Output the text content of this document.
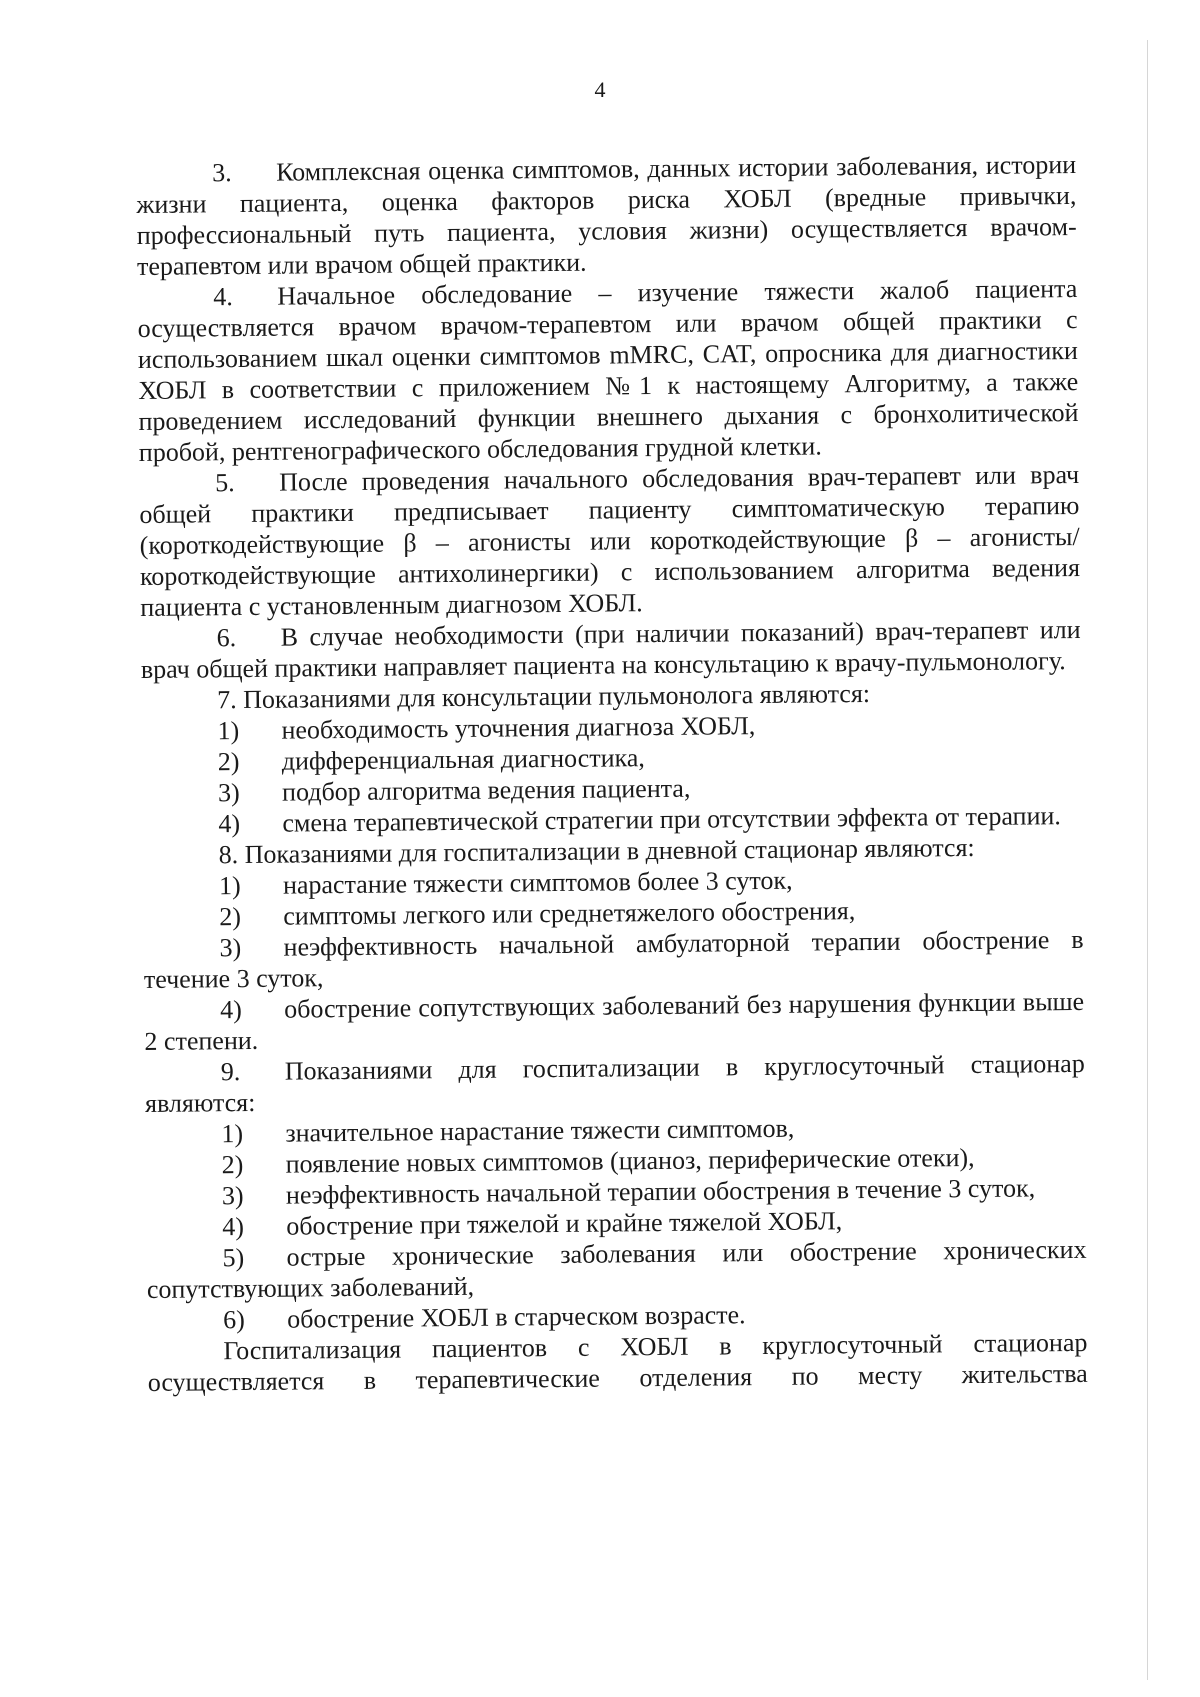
4

3. Комплексная оценка симптомов, данных истории заболевания, истории жизни пациента, оценка факторов риска ХОБЛ (вредные привычки, профессиональный путь пациента, условия жизни) осуществляется врачом-терапевтом или врачом общей практики.

4. Начальное обследование – изучение тяжести жалоб пациента осуществляется врачом врачом-терапевтом или врачом общей практики с использованием шкал оценки симптомов mMRC, CAT, опросника для диагностики ХОБЛ в соответствии с приложением №1 к настоящему Алгоритму, а также проведением исследований функции внешнего дыхания с бронхолитической пробой, рентгенографического обследования грудной клетки.

5. После проведения начального обследования врач-терапевт или врач общей практики предписывает пациенту симптоматическую терапию (короткодействующие β – агонисты или короткодействующие β – агонисты/короткодействующие антихолинергики) с использованием алгоритма ведения пациента с установленным диагнозом ХОБЛ.

6. В случае необходимости (при наличии показаний) врач-терапевт или врач общей практики направляет пациента на консультацию к врачу-пульмонологу.

7. Показаниями для консультации пульмонолога являются:

1) необходимость уточнения диагноза ХОБЛ,

2) дифференциальная диагностика,

3) подбор алгоритма ведения пациента,

4) смена терапевтической стратегии при отсутствии эффекта от терапии.

8. Показаниями для госпитализации в дневной стационар являются:

1) нарастание тяжести симптомов более 3 суток,

2) симптомы легкого или среднетяжелого обострения,

3) неэффективность начальной амбулаторной терапии обострение в течение 3 суток,

4) обострение сопутствующих заболеваний без нарушения функции выше 2 степени.

9. Показаниями для госпитализации в круглосуточный стационар являются:

1) значительное нарастание тяжести симптомов,

2) появление новых симптомов (цианоз, периферические отеки),

3) неэффективность начальной терапии обострения в течение 3 суток,

4) обострение при тяжелой и крайне тяжелой ХОБЛ,

5) острые хронические заболевания или обострение хронических сопутствующих заболеваний,

6) обострение ХОБЛ в старческом возрасте.

Госпитализация пациентов с ХОБЛ в круглосуточный стационар осуществляется в терапевтические отделения по месту жительства
